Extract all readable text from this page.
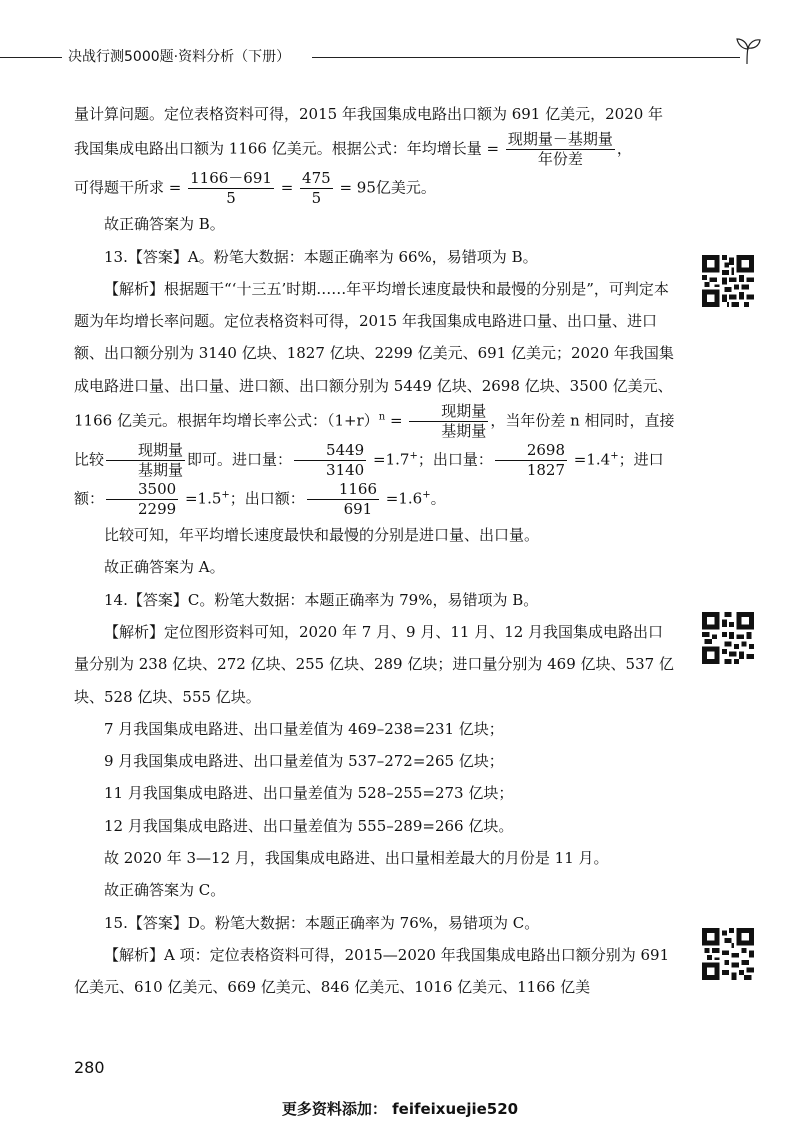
决战行测5000题·资料分析（下册）

量计算问题。定位表格资料可得，2015 年我国集成电路出口额为 691 亿美元，2020 年我国集成电路出口额为 1166 亿美元。根据公式：年均增长量 = $\frac{\text{现期量－基期量}}{\text{年份差}}$ ，

可得题干所求 = $\frac{1166-691}{5} = \frac{475}{5} = 95$亿美元。

故正确答案为 B。

13.【答案】A。粉笔大数据：本题正确率为 66%，易错项为 B。

【解析】根据题干“‘十三五’时期……年平均增长速度最快和最慢的分别是”，可判定本题为年均增长率问题。定位表格资料可得，2015 年我国集成电路进口量、出口量、进口额、出口额分别为 3140 亿块、1827 亿块、2299 亿美元、691 亿美元；2020 年我国集成电路进口量、出口量、进口额、出口额分别为 5449 亿块、2698 亿块、3500 亿美元、1166 亿美元。根据年均增长率公式：$(1+r)^n = \frac{\text{现期量}}{\text{基期量}}$ ，当年份差 n 相同时，直接比较 $\frac{\text{现期量}}{\text{基期量}}$ 即可。进口量： $\frac{5449}{3140} =1.7^+$；出口量： $\frac{2698}{1827} =1.4^+$；进口额： $\frac{3500}{2299} =1.5^+$；出口额： $\frac{1166}{691} =1.6^+$。

比较可知，年平均增长速度最快和最慢的分别是进口量、出口量。

故正确答案为 A。

14.【答案】C。粉笔大数据：本题正确率为 79%，易错项为 B。

【解析】定位图形资料可知，2020 年 7 月、9 月、11 月、12 月我国集成电路出口量分别为 238 亿块、272 亿块、255 亿块、289 亿块；进口量分别为 469 亿块、537 亿块、528 亿块、555 亿块。

7 月我国集成电路进、出口量差值为 469–238=231 亿块；

9 月我国集成电路进、出口量差值为 537–272=265 亿块；

11 月我国集成电路进、出口量差值为 528–255=273 亿块；

12 月我国集成电路进、出口量差值为 555–289=266 亿块。

故 2020 年 3—12 月，我国集成电路进、出口量相差最大的月份是 11 月。

故正确答案为 C。

15.【答案】D。粉笔大数据：本题正确率为 76%，易错项为 C。

【解析】A 项：定位表格资料可得，2015—2020 年我国集成电路出口额分别为 691 亿美元、610 亿美元、669 亿美元、846 亿美元、1016 亿美元、1166 亿美

280
更多资料添加： feifeixuejie520
